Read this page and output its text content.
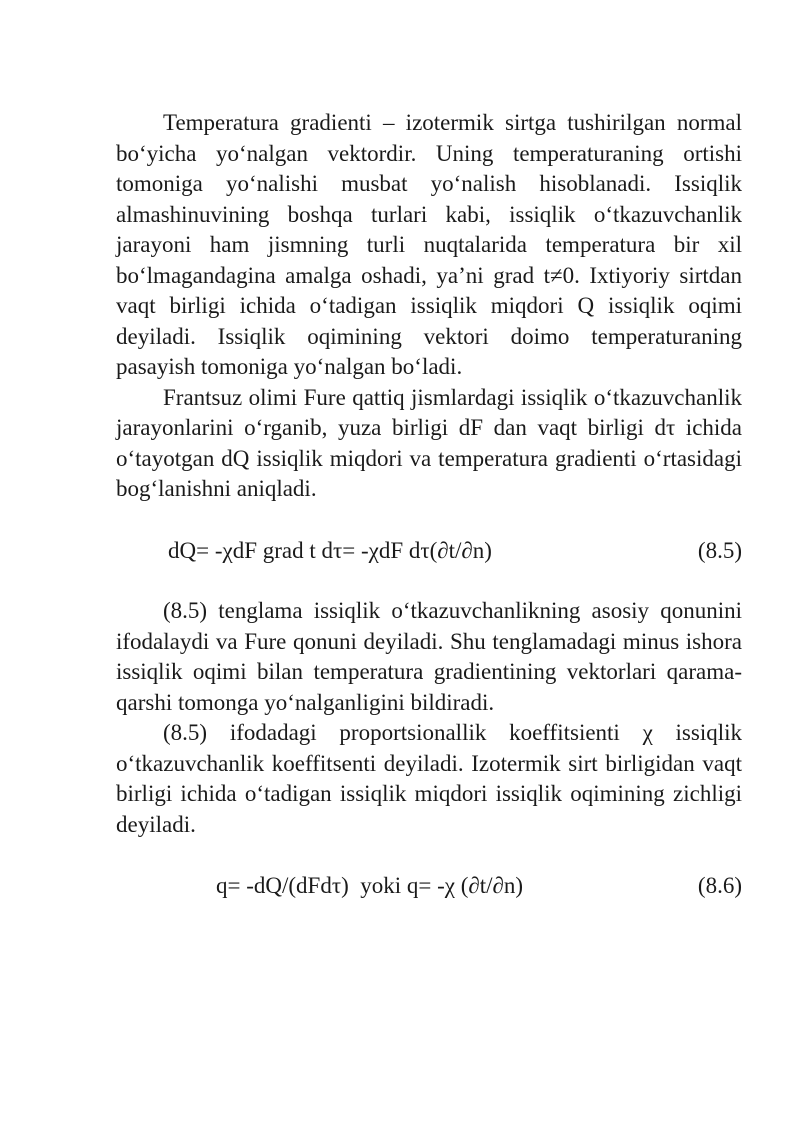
Temperatura gradienti – izotermik sirtga tushirilgan normal bo‘yicha yo‘nalgan vektordir. Uning temperaturaning ortishi tomoniga yo‘nalishi musbat yo‘nalish hisoblanadi. Issiqlik almashinuvining boshqa turlari kabi, issiqlik o‘tkazuvchanlik jarayoni ham jismning turli nuqtalarida temperatura bir xil bo‘lmagandagina amalga oshadi, ya’ni grad t≠0. Ixtiyoriy sirtdan vaqt birligi ichida o‘tadigan issiqlik miqdori Q issiqlik oqimi deyiladi. Issiqlik oqimining vektori doimo temperaturaning pasayish tomoniga yo‘nalgan bo‘ladi.

Frantsuz olimi Fure qattiq jismlardagi issiqlik o‘tkazuvchanlik jarayonlarini o‘rganib, yuza birligi dF dan vaqt birligi dτ ichida o‘tayotgan dQ issiqlik miqdori va temperatura gradienti o‘rtasidagi bog‘lanishni aniqladi.

dQ= -χdF grad t dτ= -χdF dτ(∂t/∂n)	(8.5)

(8.5) tenglama issiqlik o‘tkazuvchanlikning asosiy qonunini ifodalaydi va Fure qonuni deyiladi. Shu tenglamadagi minus ishora issiqlik oqimi bilan temperatura gradientining vektorlari qarama-qarshi tomonga yo‘nalganligini bildiradi.

(8.5) ifodadagi proportsionallik koeffitsienti χ issiqlik o‘tkazuvchanlik koeffitsenti deyiladi. Izotermik sirt birligidan vaqt birligi ichida o‘tadigan issiqlik miqdori issiqlik oqimining zichligi deyiladi.

q= -dQ/(dFdτ)  yoki q= -χ (∂t/∂n)	(8.6)
